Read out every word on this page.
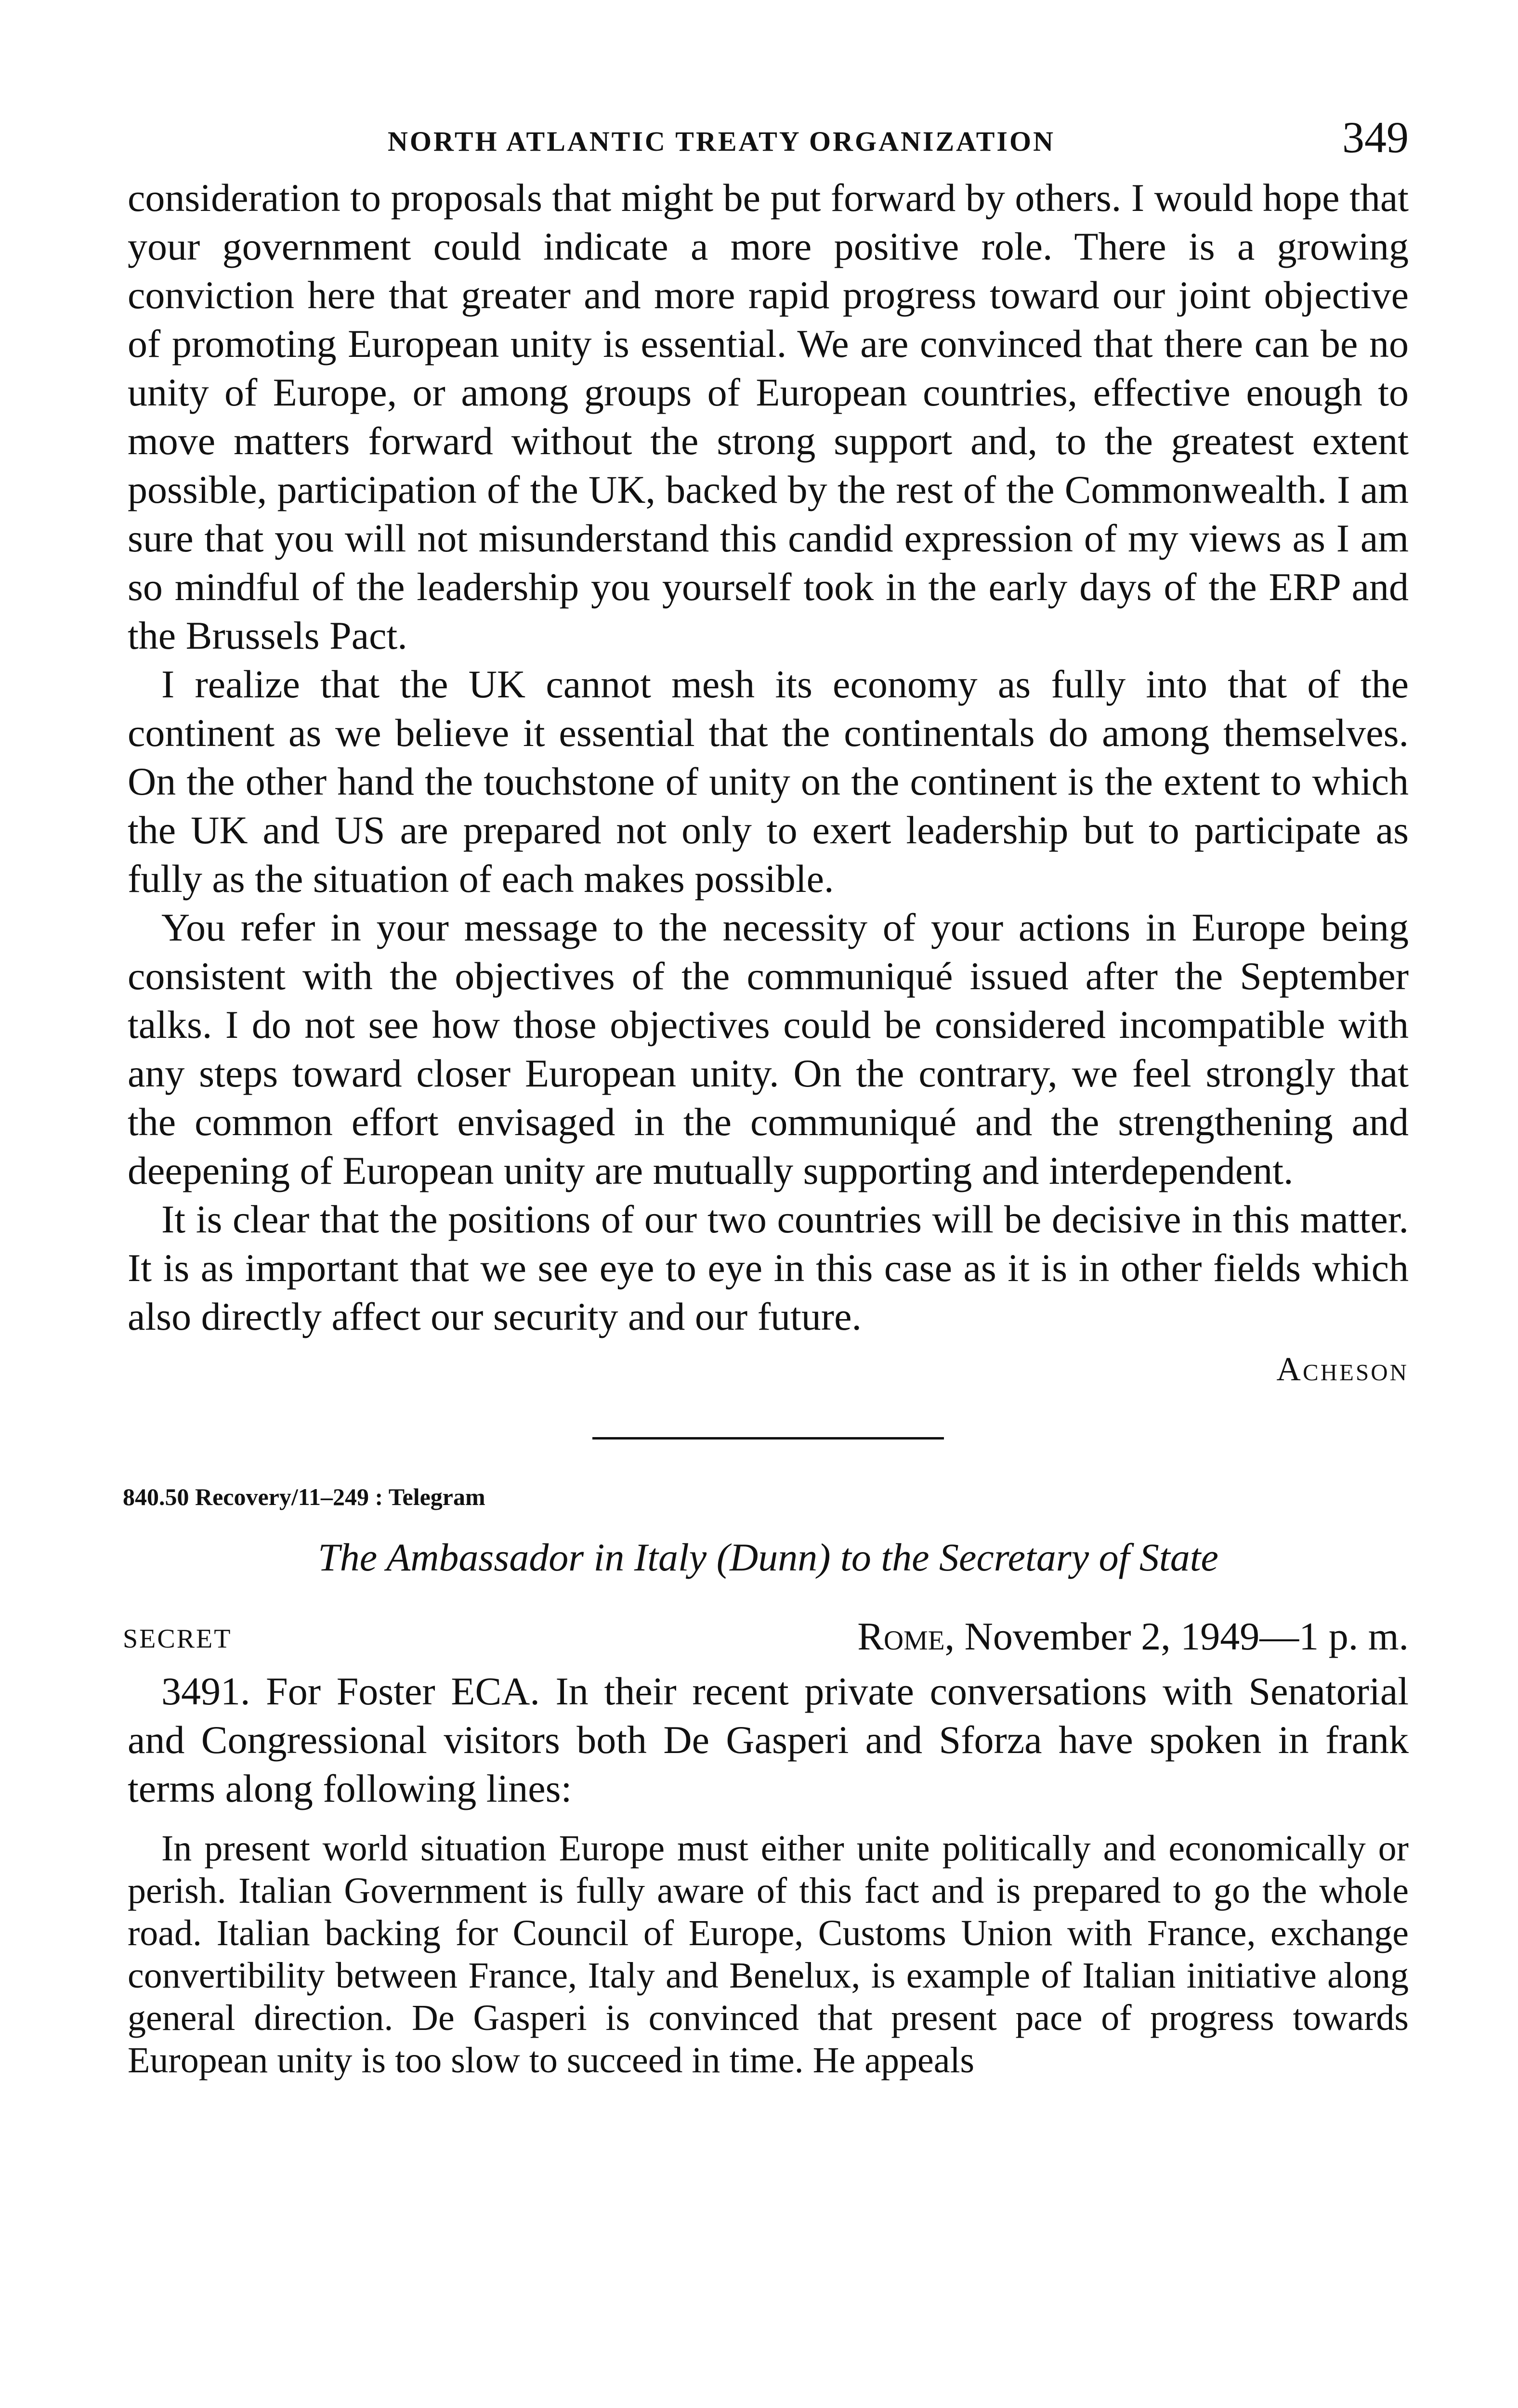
NORTH ATLANTIC TREATY ORGANIZATION	349

consideration to proposals that might be put forward by others. I would hope that your government could indicate a more positive role. There is a growing conviction here that greater and more rapid progress toward our joint objective of promoting European unity is essential. We are convinced that there can be no unity of Europe, or among groups of European countries, effective enough to move matters forward without the strong support and, to the greatest extent possible, participation of the UK, backed by the rest of the Commonwealth. I am sure that you will not misunderstand this candid expression of my views as I am so mindful of the leadership you yourself took in the early days of the ERP and the Brussels Pact.

I realize that the UK cannot mesh its economy as fully into that of the continent as we believe it essential that the continentals do among themselves. On the other hand the touchstone of unity on the continent is the extent to which the UK and US are prepared not only to exert leadership but to participate as fully as the situation of each makes possible.

You refer in your message to the necessity of your actions in Europe being consistent with the objectives of the communiqué issued after the September talks. I do not see how those objectives could be considered incompatible with any steps toward closer European unity. On the contrary, we feel strongly that the common effort envisaged in the communiqué and the strengthening and deepening of European unity are mutually supporting and interdependent.

It is clear that the positions of our two countries will be decisive in this matter. It is as important that we see eye to eye in this case as it is in other fields which also directly affect our security and our future.

Acheson
840.50 Recovery/11–249 : Telegram
The Ambassador in Italy (Dunn) to the Secretary of State
SECRET	Rome, November 2, 1949—1 p. m.

3491. For Foster ECA. In their recent private conversations with Senatorial and Congressional visitors both De Gasperi and Sforza have spoken in frank terms along following lines:

In present world situation Europe must either unite politically and economically or perish. Italian Government is fully aware of this fact and is prepared to go the whole road. Italian backing for Council of Europe, Customs Union with France, exchange convertibility between France, Italy and Benelux, is example of Italian initiative along general direction. De Gasperi is convinced that present pace of progress towards European unity is too slow to succeed in time. He appeals
